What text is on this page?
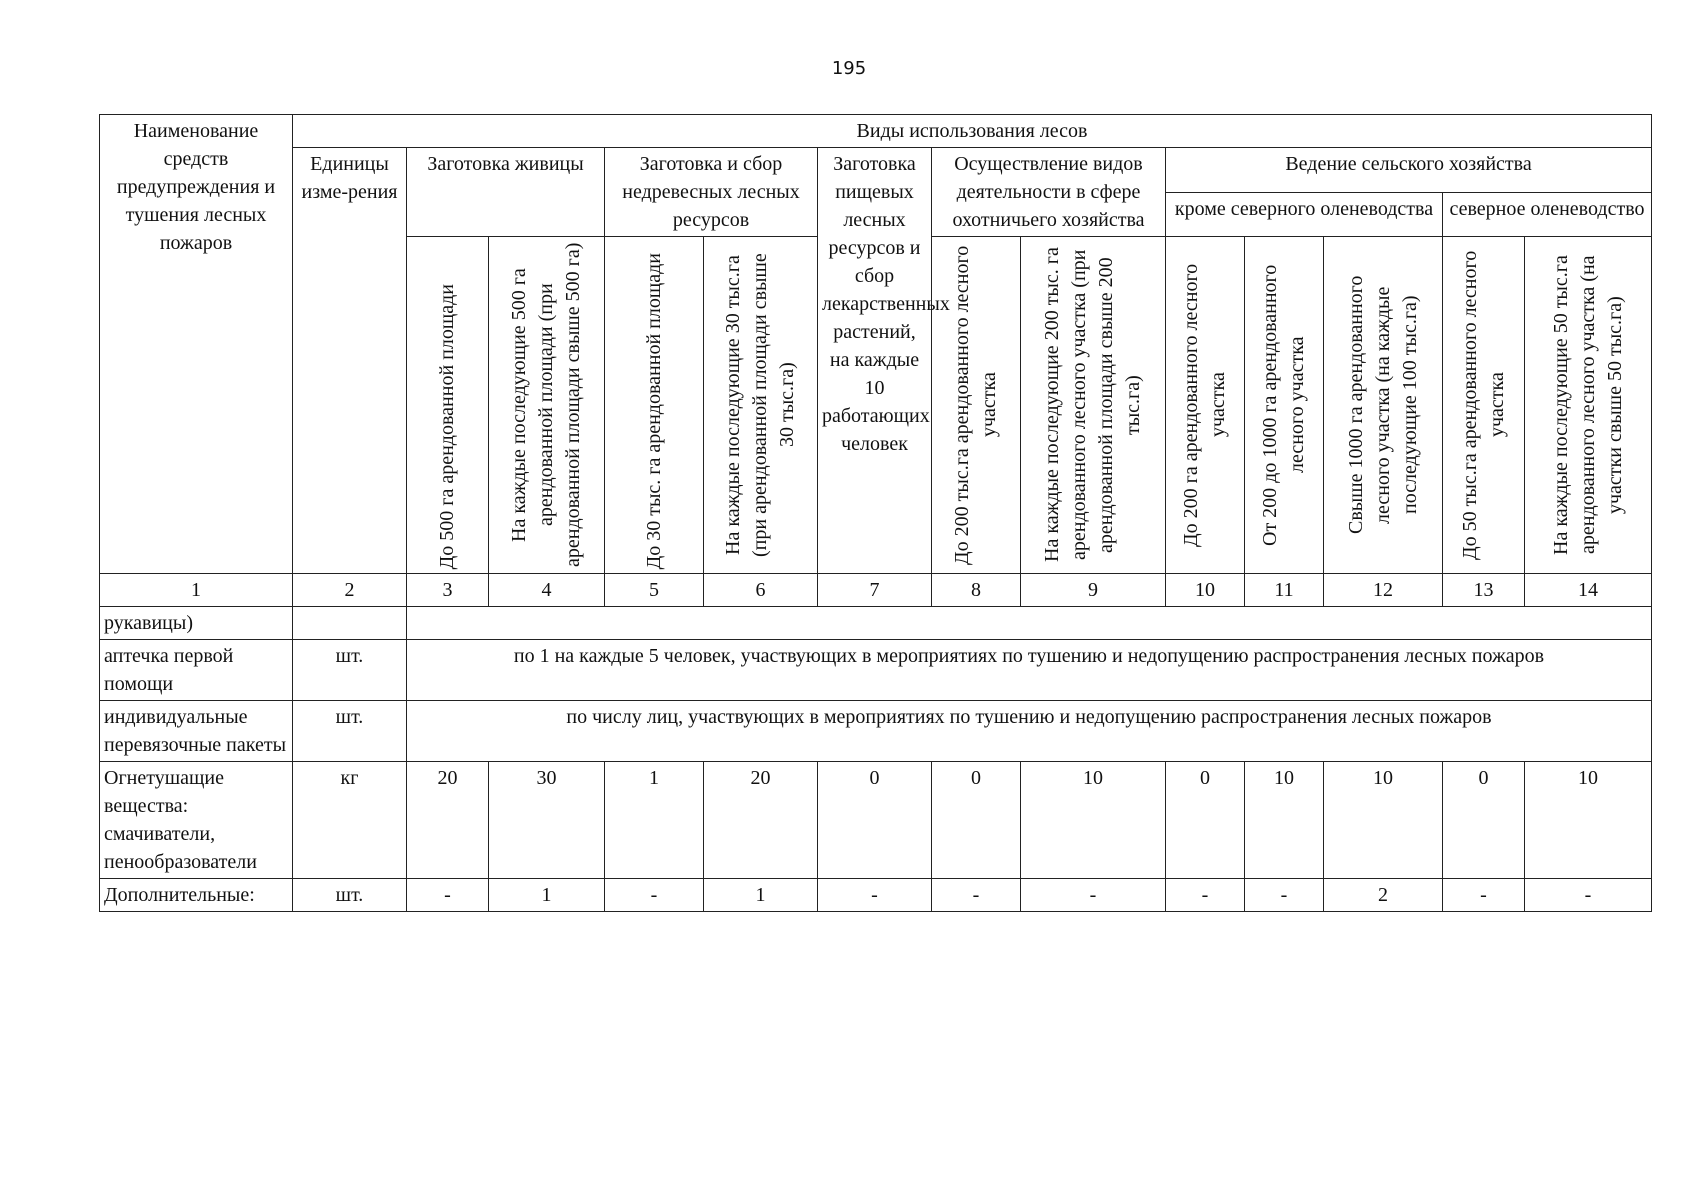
195
Наименование средств предупреждения и тушения лесных пожаров	Виды использования лесов												
	Единицы изме-рения	Заготовка живицы		Заготовка и сбор недревесных лесных ресурсов		Заготовка пищевых лесных ресурсов и сбор лекарственных растений, на каждые 10 работающих человек	Осуществление видов деятельности в сфере охотничьего хозяйства		Ведение сельского хозяйства				
									кроме северного оленеводства			северное оленеводство	

		До 500 га арендованной площади	На каждые последующие 500 га арендованной площади (при арендованной площади свыше 500 га)	До 30 тыс. га арендованной площади	На каждые последующие 30 тыс.га (при арендованной площади свыше 30 тыс.га)		До 200 тыс.га арендованного лесного участка	На каждые последующие 200 тыс. га арендованного лесного участка (при арендованной площади свыше 200 тыс.га)	До 200 га арендованного лесного участка	От 200 до 1000 га арендованного лесного участка	Свыше 1000 га арендованного лесного участка (на каждые последующие 100 тыс.га)	До 50 тыс.га арендованного лесного участка	На каждые последующие 50 тыс.га арендованного лесного участка (на участки свыше 50 тыс.га)

1	2	3	4	5	6	7	8	9	10	11	12	13	14
рукавицы)													
аптечка первой помощи	шт.	по 1 на каждые 5 человек, участвующих в мероприятиях по тушению и недопущению распространения лесных пожаров											
индивидуальные перевязочные пакеты	шт.	по числу лиц, участвующих в мероприятиях по тушению и недопущению распространения лесных пожаров											
Огнетушащие вещества: смачиватели, пенообразователи	кг	20	30	1	20	0	0	10	0	10	10	0	10
Дополнительные:	шт.	-	1	-	1	-	-	-	-	-	2	-	-
